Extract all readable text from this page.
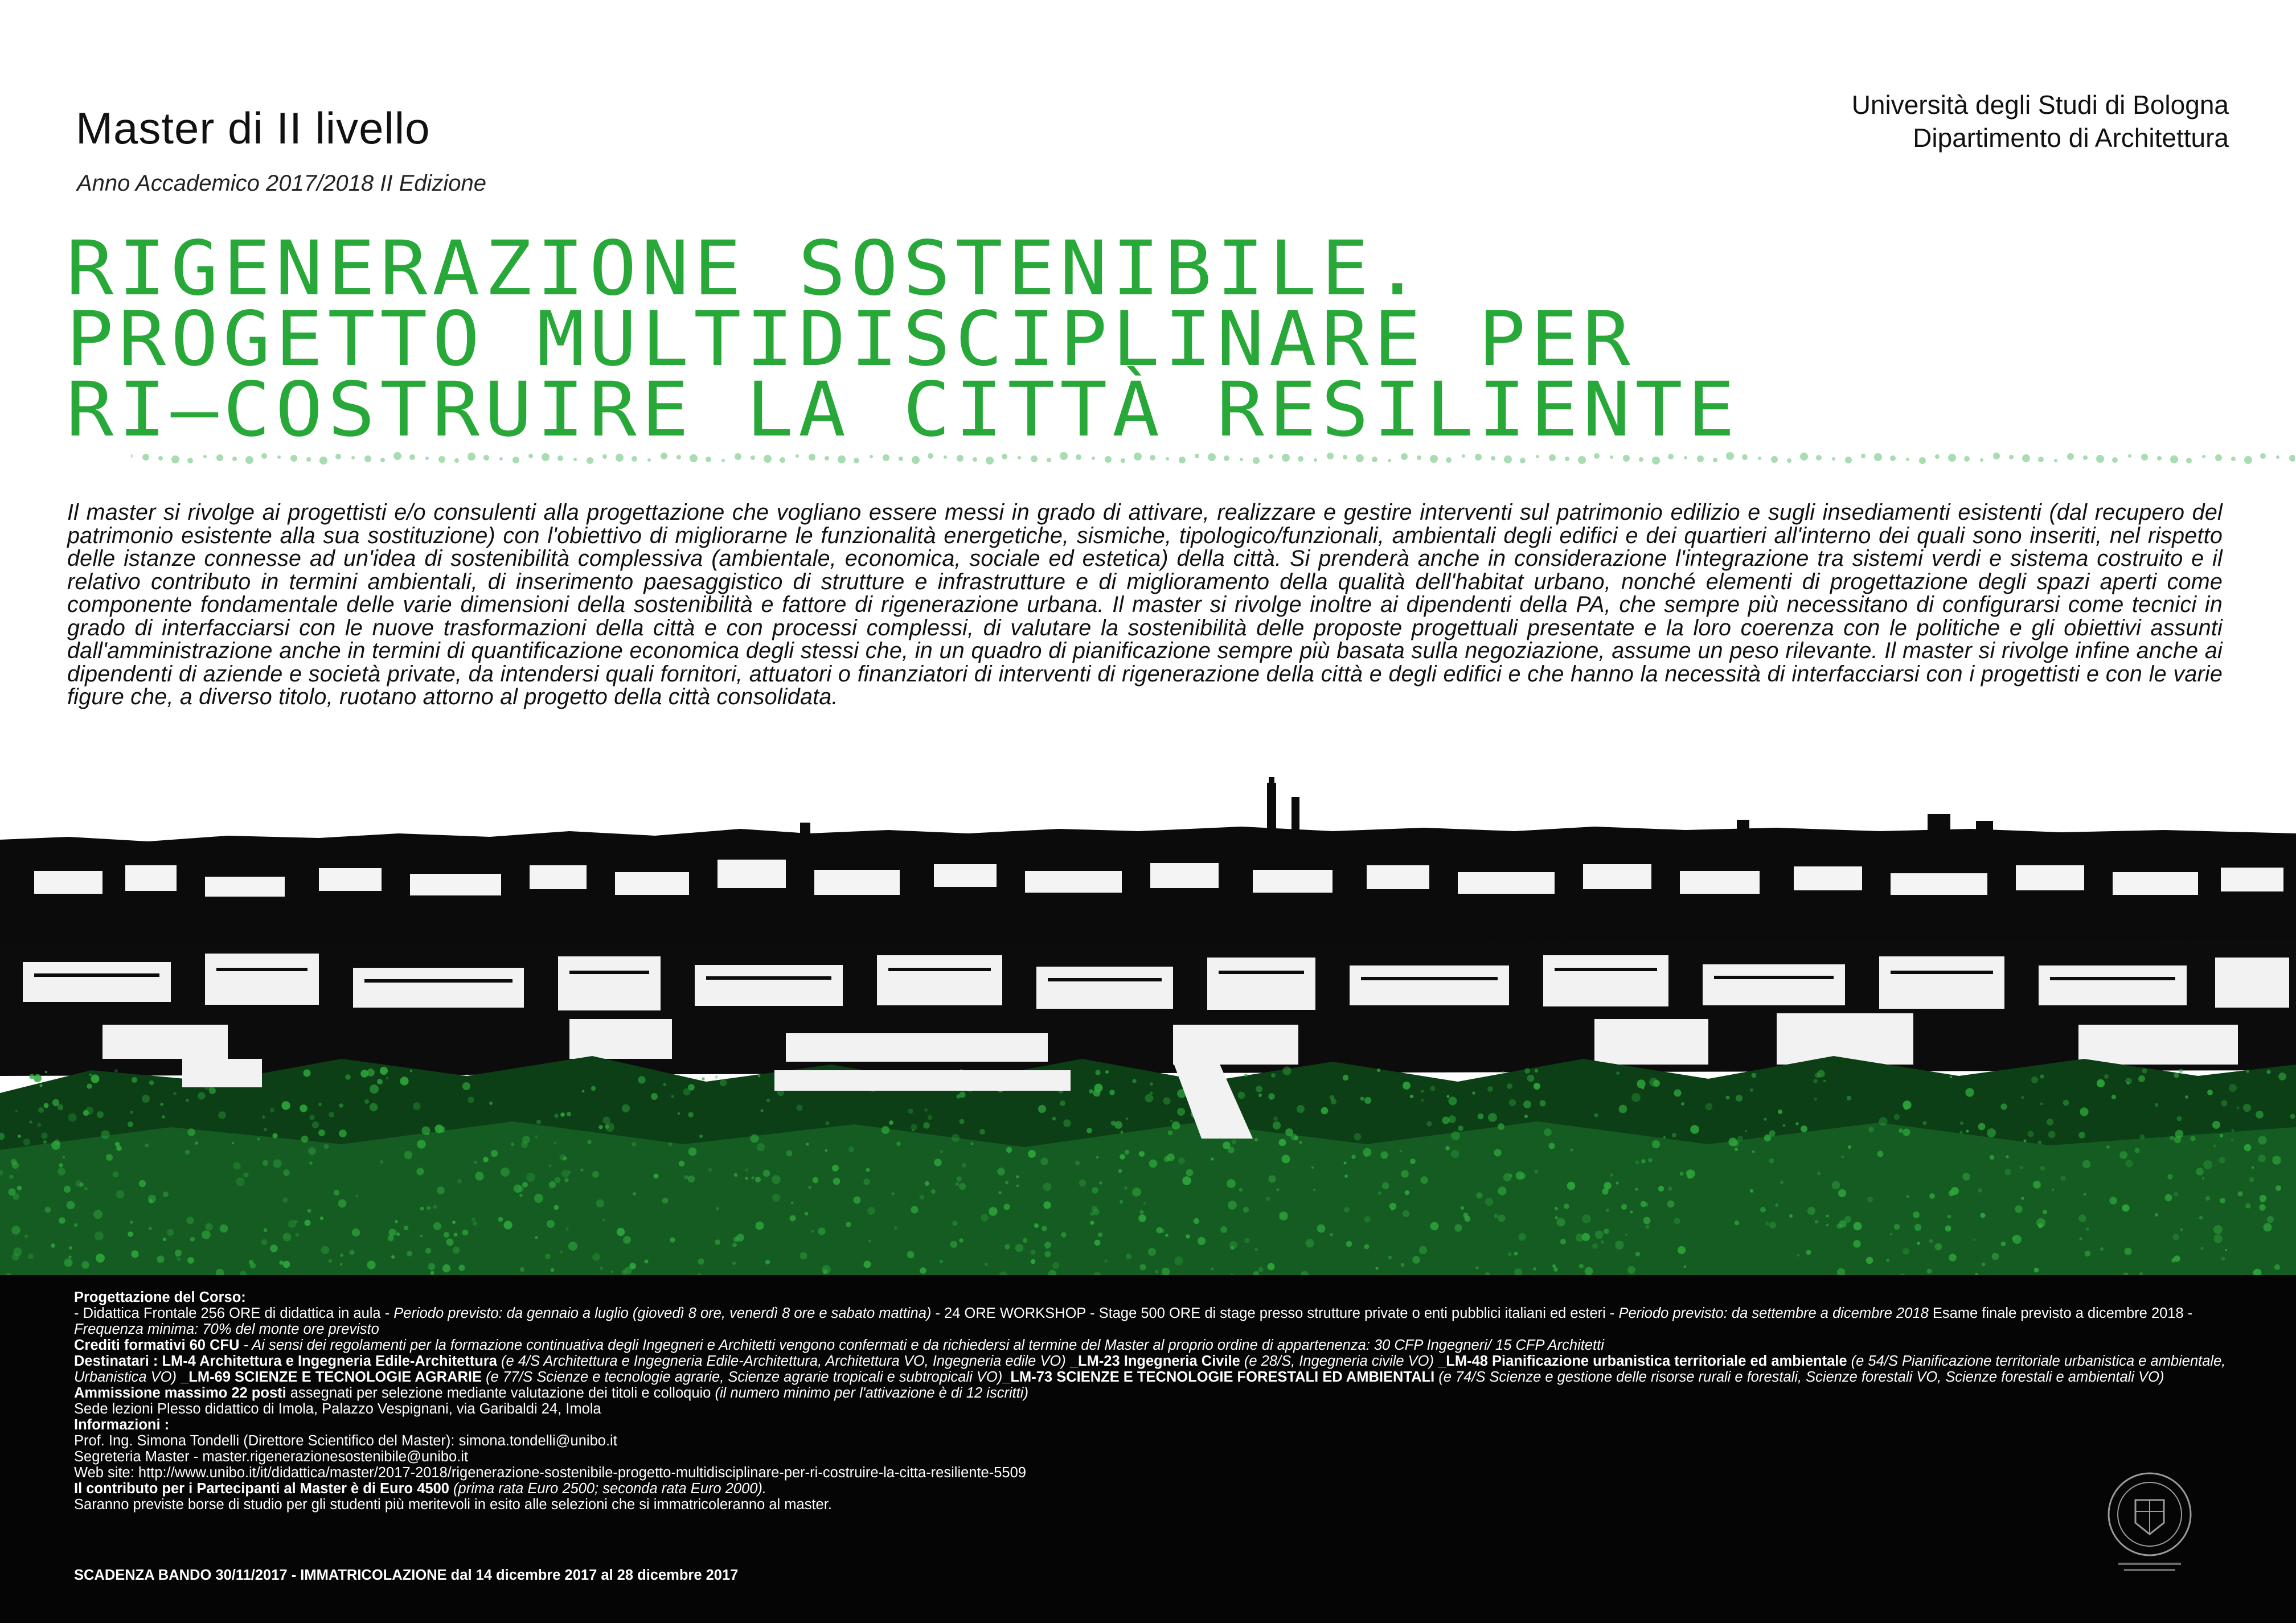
Master di II livello
Anno Accademico 2017/2018 II Edizione
Università degli Studi di Bologna
Dipartimento di Architettura
RIGENERAZIONE SOSTENIBILE.
PROGETTO MULTIDISCIPLINARE PER
RI–COSTRUIRE LA CITTÀ RESILIENTE
Il master si rivolge ai progettisti e/o consulenti alla progettazione che vogliano essere messi in grado di attivare, realizzare e gestire interventi sul patrimonio edilizio e sugli insediamenti esistenti (dal recupero del patrimonio esistente alla sua sostituzione) con l'obiettivo di migliorarne le funzionalità energetiche, sismiche, tipologico/funzionali, ambientali degli edifici e dei quartieri all'interno dei quali sono inseriti, nel rispetto delle istanze connesse ad un'idea di sostenibilità complessiva (ambientale, economica, sociale ed estetica) della città. Si prenderà anche in considerazione l'integrazione tra sistemi verdi e sistema costruito e il relativo contributo in termini ambientali, di inserimento paesaggistico di strutture e infrastrutture e di miglioramento della qualità dell'habitat urbano, nonché elementi di progettazione degli spazi aperti come componente fondamentale delle varie dimensioni della sostenibilità e fattore di rigenerazione urbana. Il master si rivolge inoltre ai dipendenti della PA, che sempre più necessitano di configurarsi come tecnici in grado di interfacciarsi con le nuove trasformazioni della città e con processi complessi, di valutare la sostenibilità delle proposte progettuali presentate e la loro coerenza con le politiche e gli obiettivi assunti dall'amministrazione anche in termini di quantificazione economica degli stessi che, in un quadro di pianificazione sempre più basata sulla negoziazione, assume un peso rilevante. Il master si rivolge infine anche ai dipendenti di aziende e società private, da intendersi quali fornitori, attuatori o finanziatori di interventi di rigenerazione della città e degli edifici e che hanno la necessità di interfacciarsi con i progettisti e con le varie figure che, a diverso titolo, ruotano attorno al progetto della città consolidata.

Progettazione del Corso:

- Didattica Frontale 256 ORE di didattica in aula - Periodo previsto: da gennaio a luglio (giovedì 8 ore, venerdì 8 ore e sabato mattina) - 24 ORE WORKSHOP - Stage 500 ORE di stage presso strutture private o enti pubblici italiani ed esteri - Periodo previsto: da settembre a dicembre 2018 Esame finale previsto a dicembre 2018 - Frequenza minima: 70% del monte ore previsto

Crediti formativi 60 CFU - Ai sensi dei regolamenti per la formazione continuativa degli Ingegneri e Architetti vengono confermati e da richiedersi al termine del Master al proprio ordine di appartenenza: 30 CFP Ingegneri/ 15 CFP Architetti

Destinatari : LM-4 Architettura e Ingegneria Edile-Architettura (e 4/S Architettura e Ingegneria Edile-Architettura, Architettura VO, Ingegneria edile VO) _LM-23 Ingegneria Civile (e 28/S, Ingegneria civile VO) _LM-48 Pianificazione urbanistica territoriale ed ambientale (e 54/S Pianificazione territoriale urbanistica e ambientale, Urbanistica VO) _LM-69 SCIENZE E TECNOLOGIE AGRARIE (e 77/S Scienze e tecnologie agrarie, Scienze agrarie tropicali e subtropicali VO)_LM-73 SCIENZE E TECNOLOGIE FORESTALI ED AMBIENTALI (e 74/S Scienze e gestione delle risorse rurali e forestali, Scienze forestali VO, Scienze forestali e ambientali VO)

Ammissione massimo 22 posti assegnati per selezione mediante valutazione dei titoli e colloquio (il numero minimo per l'attivazione è di 12 iscritti)

Sede lezioni Plesso didattico di Imola, Palazzo Vespignani, via Garibaldi 24, Imola

Informazioni :

Prof. Ing. Simona Tondelli (Direttore Scientifico del Master): simona.tondelli@unibo.it

Segreteria Master - master.rigenerazionesostenibile@unibo.it

Web site: http://www.unibo.it/it/didattica/master/2017-2018/rigenerazione-sostenibile-progetto-multidisciplinare-per-ri-costruire-la-citta-resiliente-5509

Il contributo per i Partecipanti al Master è di Euro 4500 (prima rata Euro 2500; seconda rata Euro 2000).

Saranno previste borse di studio per gli studenti più meritevoli in esito alle selezioni che si immatricoleranno al master.

SCADENZA BANDO 30/11/2017 - IMMATRICOLAZIONE dal 14 dicembre 2017 al 28 dicembre 2017
